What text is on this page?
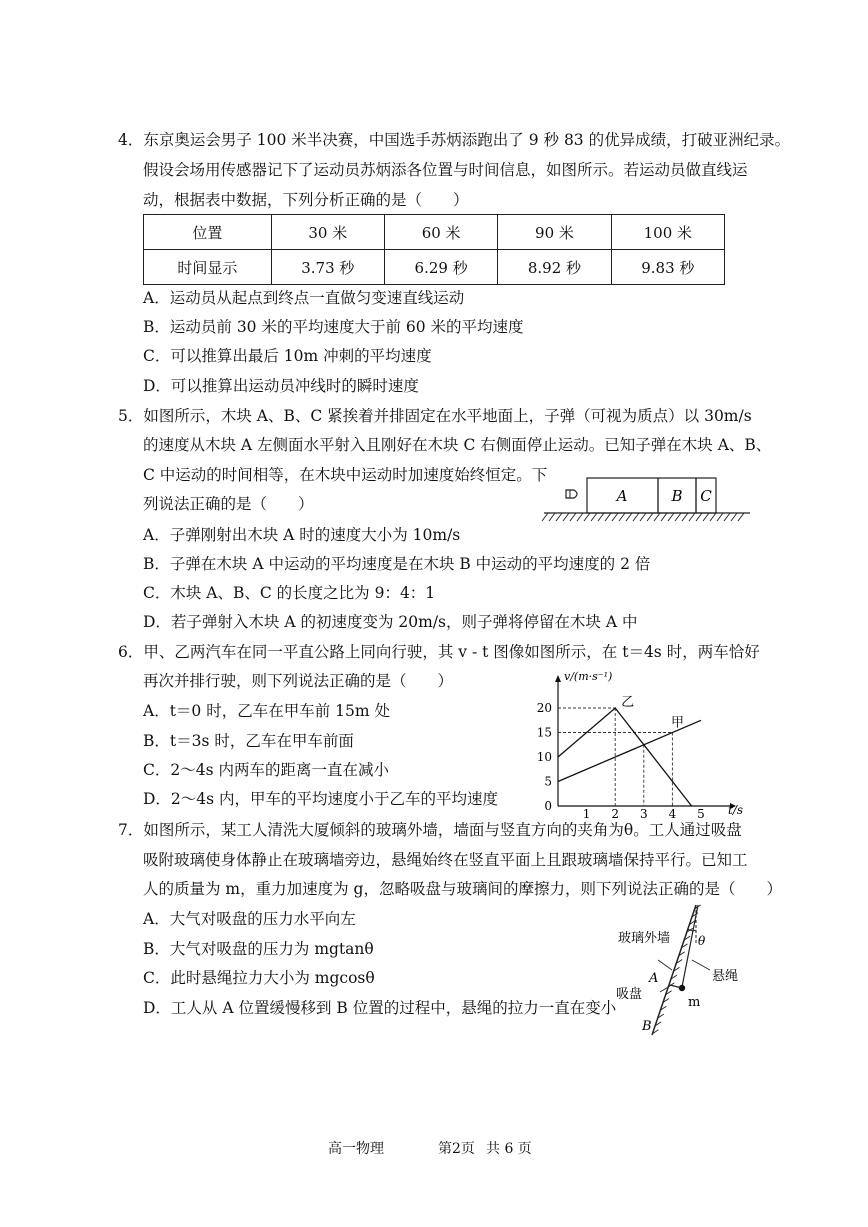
4．东京奥运会男子 100 米半决赛，中国选手苏炳添跑出了 9 秒 83 的优异成绩，打破亚洲纪录。
假设会场用传感器记下了运动员苏炳添各位置与时间信息，如图所示。若运动员做直线运
动，根据表中数据，下列分析正确的是（　　）
位置	30 米	60 米	90 米	100 米
时间显示	3.73 秒	6.29 秒	8.92 秒	9.83 秒
A．运动员从起点到终点一直做匀变速直线运动
B．运动员前 30 米的平均速度大于前 60 米的平均速度
C．可以推算出最后 10m 冲刺的平均速度
D．可以推算出运动员冲线时的瞬时速度
5．如图所示，木块 A、B、C 紧挨着并排固定在水平地面上，子弹（可视为质点）以 30m/s
的速度从木块 A 左侧面水平射入且刚好在木块 C 右侧面停止运动。已知子弹在木块 A、B、
C 中运动的时间相等，在木块中运动时加速度始终恒定。下
列说法正确的是（　　）	A	B C
A．子弹刚射出木块 A 时的速度大小为 10m/s
B．子弹在木块 A 中运动的平均速度是在木块 B 中运动的平均速度的 2 倍
C．木块 A、B、C 的长度之比为 9：4：1
D．若子弹射入木块 A 的初速度变为 20m/s，则子弹将停留在木块 A 中
6．甲、乙两汽车在同一平直公路上同向行驶，其 v - t 图像如图所示，在 t＝4s 时，两车恰好
再次并排行驶，则下列说法正确的是（　　）
A．t＝0 时，乙车在甲车前 15m 处
B．t＝3s 时，乙车在甲车前面
C．2～4s 内两车的距离一直在减小
D．2～4s 内，甲车的平均速度小于乙车的平均速度
v/(m·s⁻¹)
t/s
1 2 3 4 5
0
5
10
15
20
甲
乙
7．如图所示，某工人清洗大厦倾斜的玻璃外墙，墙面与竖直方向的夹角为θ。工人通过吸盘
吸附玻璃使身体静止在玻璃墙旁边，悬绳始终在竖直平面上且跟玻璃墙保持平行。已知工
人的质量为 m，重力加速度为 g，忽略吸盘与玻璃间的摩擦力，则下列说法正确的是（　　）
A．大气对吸盘的压力水平向左
B．大气对吸盘的压力为 mgtanθ
C．此时悬绳拉力大小为 mgcosθ
D．工人从 A 位置缓慢移到 B 位置的过程中，悬绳的拉力一直在变小
玻璃外墙 θ
A	悬绳
吸盘
m
B
高一物理	第2页 共 6 页
